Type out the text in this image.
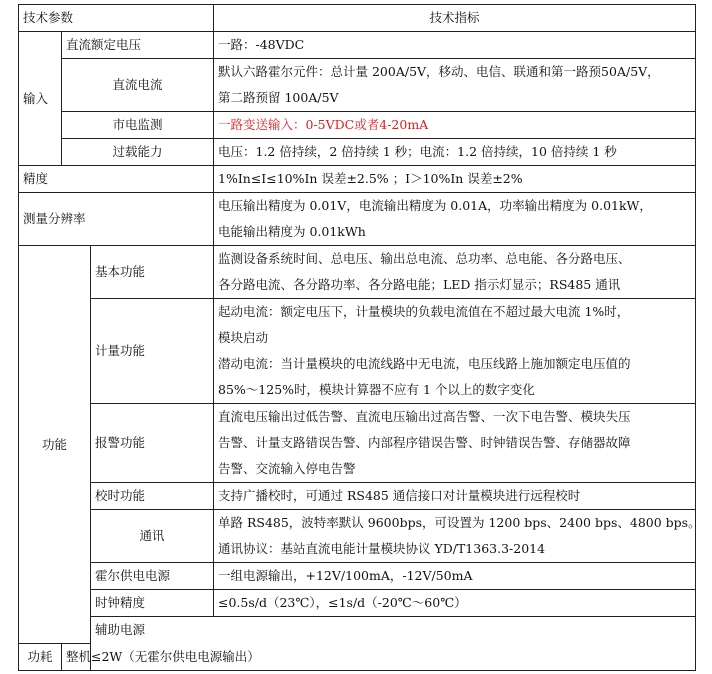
技术参数			技术指标	
输入	直流额定电压		一路：-48VDC	
	直流电流		默认六路霍尔元件：总计量 200A/5V，移动、电信、联通和第一路预50A/5V，
第二路预留 100A/5V	

	市电监测		一路变送输入：0-5VDC或者4-20mA	
	过载能力		电压：1.2 倍持续，2 倍持续 1 秒；电流：1.2 倍持续，10 倍持续 1 秒	
精度			1%In≤I≤10%In 误差±2.5% ；I＞10%In 误差±2%	
测量分辨率			电压输出精度为 0.01V，电流输出精度为 0.01A，功率输出精度为 0.01kW，
电能输出精度为 0.01kWh	

功能		基本功能	监测设备系统时间、总电压、输出总电流、总功率、总电能、各分路电压、
各分路电流、各分路功率、各分路电能；LED 指示灯显示；RS485 通讯	

		计量功能	起动电流：额定电压下，计量模块的负载电流值在不超过最大电流 1%时，
模块启动
潜动电流：当计量模块的电流线路中无电流，电压线路上施加额定电压值的
85%～125%时，模块计算器不应有 1 个以上的数字变化	

		报警功能	直流电压输出过低告警、直流电压输出过高告警、一次下电告警、模块失压
告警、计量支路错误告警、内部程序错误告警、时钟错误告警、存储器故障
告警、交流输入停电告警	

		校时功能	支持广播校时，可通过 RS485 通信接口对计量模块进行远程校时	
		通讯	单路 RS485，波特率默认 9600bps，可设置为 1200 bps、2400 bps、4800 bps。
通讯协议：基站直流电能计量模块协议 YD/T1363.3-2014	

		霍尔供电电源	一组电源输出，+12V/100mA，-12V/50mA	
		时钟精度	≤0.5s/d（23℃），≤1s/d（-20℃～60℃）	
		辅助电源		
功耗	整机≤2W（无霍尔供电电源输出）			
